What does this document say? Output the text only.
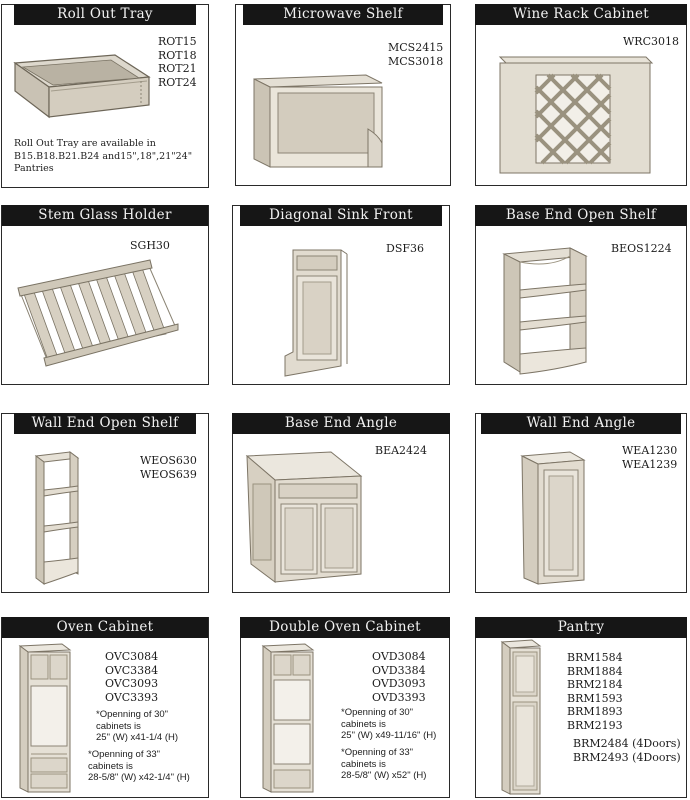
Roll Out Tray
ROT15
ROT18
ROT21
ROT24
Roll Out Tray are available in
B15.B18.B21.B24 and15",18",21"24"
Pantries
Microwave Shelf
MCS2415
MCS3018
Wine Rack Cabinet
WRC3018
Stem Glass Holder
SGH30
Diagonal Sink Front
DSF36
Base End Open Shelf
BEOS1224
Wall End Open Shelf
WEOS630
WEOS639
Base End Angle
BEA2424
Wall End Angle
WEA1230
WEA1239
Oven Cabinet
OVC3084
OVC3384
OVC3093
OVC3393
*Openning of 30"
cabinets is
25" (W) x41-1/4 (H)
*Openning of 33"
cabinets is
28-5/8" (W) x42-1/4" (H)
Double Oven Cabinet
OVD3084
OVD3384
OVD3093
OVD3393
*Openning of 30"
cabinets is
25" (W) x49-11/16" (H)
*Openning of 33"
cabinets is
28-5/8" (W) x52" (H)
Pantry
BRM1584
BRM1884
BRM2184
BRM1593
BRM1893
BRM2193
BRM2484 (4Doors)
BRM2493 (4Doors)
